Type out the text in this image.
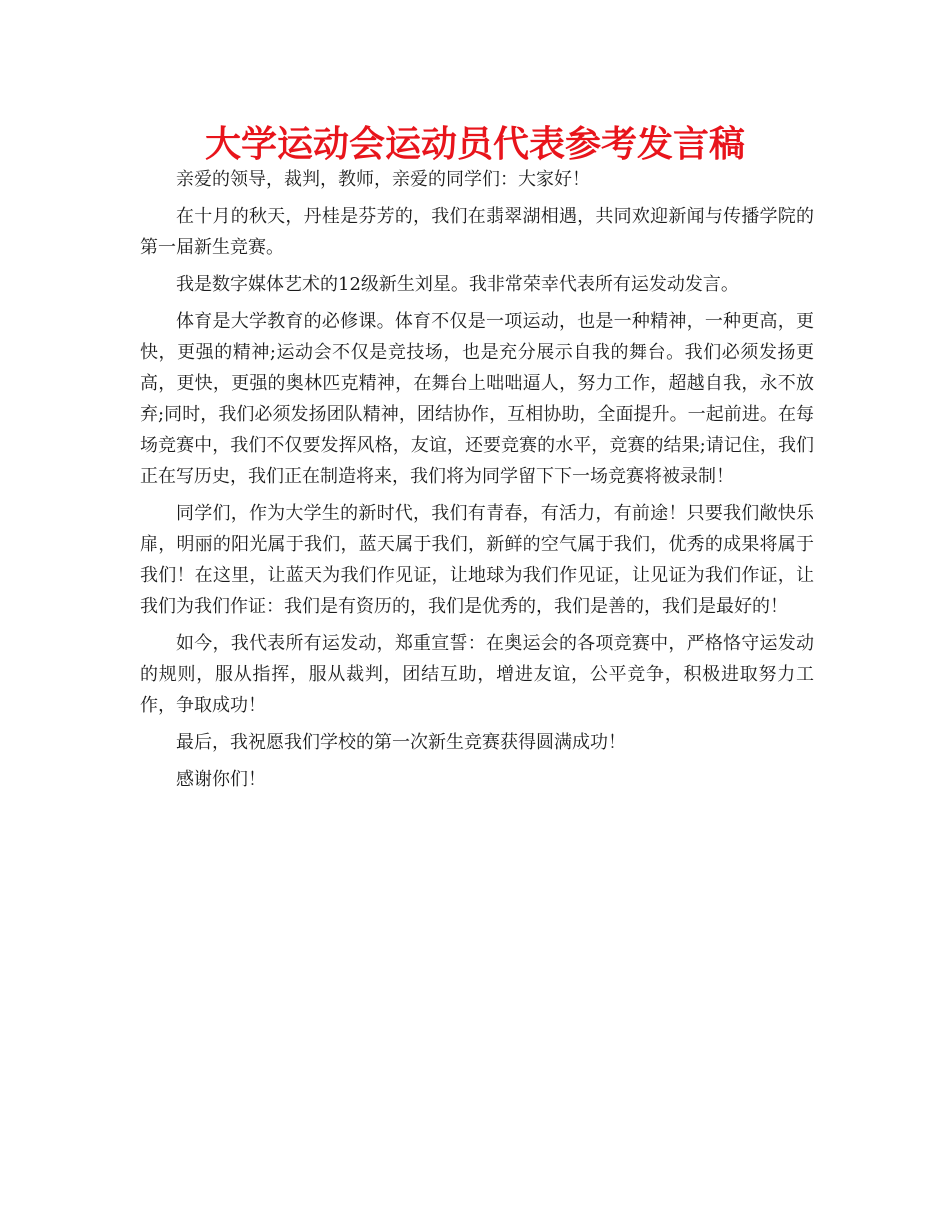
大学运动会运动员代表参考发言稿

亲爱的领导，裁判，教师，亲爱的同学们：大家好！

在十月的秋天，丹桂是芬芳的，我们在翡翠湖相遇，共同欢迎新闻与传播学院的第一届新生竞赛。

我是数字媒体艺术的12级新生刘星。我非常荣幸代表所有运发动发言。

体育是大学教育的必修课。体育不仅是一项运动，也是一种精神，一种更高，更快，更强的精神;运动会不仅是竞技场，也是充分展示自我的舞台。我们必须发扬更高，更快，更强的奥林匹克精神，在舞台上咄咄逼人，努力工作，超越自我，永不放弃;同时，我们必须发扬团队精神，团结协作，互相协助，全面提升。一起前进。在每场竞赛中，我们不仅要发挥风格，友谊，还要竞赛的水平，竞赛的结果;请记住，我们正在写历史，我们正在制造将来，我们将为同学留下下一场竞赛将被录制！

同学们，作为大学生的新时代，我们有青春，有活力，有前途！只要我们敞快乐扉，明丽的阳光属于我们，蓝天属于我们，新鲜的空气属于我们，优秀的成果将属于我们！在这里，让蓝天为我们作见证，让地球为我们作见证，让见证为我们作证，让我们为我们作证：我们是有资历的，我们是优秀的，我们是善的，我们是最好的！

如今，我代表所有运发动，郑重宣誓：在奥运会的各项竞赛中，严格恪守运发动的规则，服从指挥，服从裁判，团结互助，增进友谊，公平竞争，积极进取努力工作，争取成功！

最后，我祝愿我们学校的第一次新生竞赛获得圆满成功！

感谢你们！
